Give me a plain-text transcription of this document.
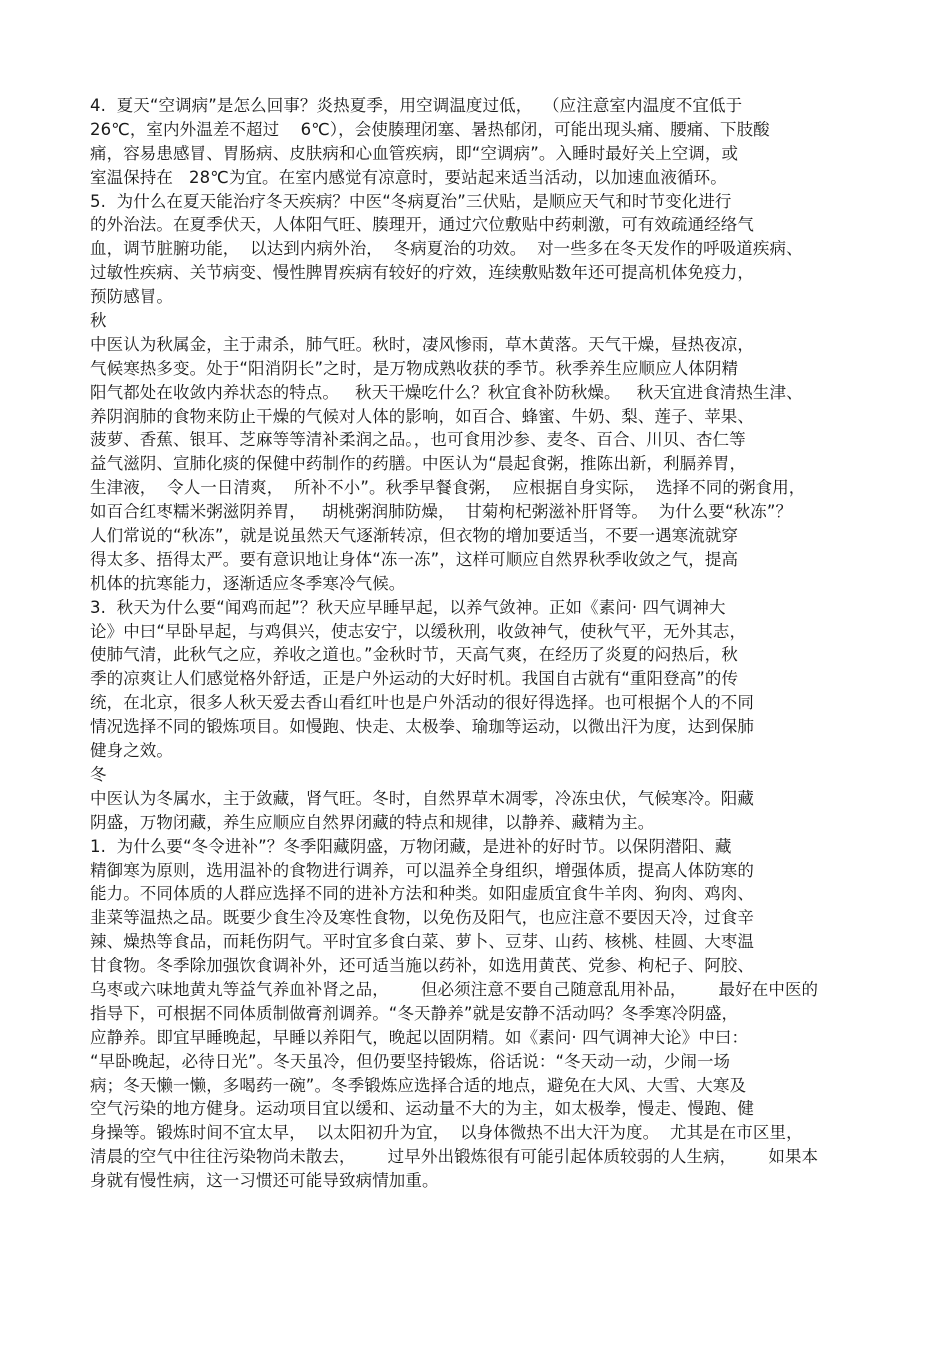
4.  夏天“空调病”是怎么回事？炎热夏季，用空调温度过低，  （应注意室内温度不宜低于
26℃，室内外温差不超过    6℃），会使腠理闭塞、暑热郁闭，可能出现头痛、腰痛、下肢酸
痛，容易患感冒、胃肠病、皮肤病和心血管疾病，即“空调病”。入睡时最好关上空调，或
室温保持在   28℃为宜。在室内感觉有凉意时，要站起来适当活动，以加速血液循环。
5.  为什么在夏天能治疗冬天疾病？中医“冬病夏治”三伏贴，是顺应天气和时节变化进行
的外治法。在夏季伏天，人体阳气旺、腠理开，通过穴位敷贴中药刺激，可有效疏通经络气
血，调节脏腑功能，  以达到内病外治，  冬病夏治的功效。  对一些多在冬天发作的呼吸道疾病、
过敏性疾病、关节病变、慢性脾胃疾病有较好的疗效，连续敷贴数年还可提高机体免疫力，
预防感冒。
秋
中医认为秋属金，主于肃杀，肺气旺。秋时，凄风惨雨，草木黄落。天气干燥，昼热夜凉，
气候寒热多变。处于“阳消阴长”之时，是万物成熟收获的季节。秋季养生应顺应人体阴精
阳气都处在收敛内养状态的特点。   秋天干燥吃什么？秋宜食补防秋燥。   秋天宜进食清热生津、
养阴润肺的食物来防止干燥的气候对人体的影响，如百合、蜂蜜、牛奶、梨、莲子、苹果、
菠萝、香蕉、银耳、芝麻等等清补柔润之品。，也可食用沙参、麦冬、百合、川贝、杏仁等
益气滋阴、宣肺化痰的保健中药制作的药膳。中医认为“晨起食粥，推陈出新，利膈养胃，
生津液，  令人一日清爽，  所补不小”。秋季早餐食粥，  应根据自身实际，  选择不同的粥食用，
如百合红枣糯米粥滋阴养胃，   胡桃粥润肺防燥，  甘菊枸杞粥滋补肝肾等。  为什么要“秋冻”？
人们常说的“秋冻”，就是说虽然天气逐渐转凉，但衣物的增加要适当，不要一遇寒流就穿
得太多、捂得太严。要有意识地让身体“冻一冻”，这样可顺应自然界秋季收敛之气，提高
机体的抗寒能力，逐渐适应冬季寒冷气候。
3.  秋天为什么要“闻鸡而起”？秋天应早睡早起，以养气敛神。正如《素问· 四气调神大
论》中曰“早卧早起，与鸡俱兴，使志安宁，以缓秋刑，收敛神气，使秋气平，无外其志，
使肺气清，此秋气之应，养收之道也。”金秋时节，天高气爽，在经历了炎夏的闷热后，秋
季的凉爽让人们感觉格外舒适，正是户外运动的大好时机。我国自古就有“重阳登高”的传
统，在北京，很多人秋天爱去香山看红叶也是户外活动的很好得选择。也可根据个人的不同
情况选择不同的锻炼项目。如慢跑、快走、太极拳、瑜珈等运动，以微出汗为度，达到保肺
健身之效。
冬
中医认为冬属水，主于敛藏，肾气旺。冬时，自然界草木凋零，冷冻虫伏，气候寒冷。阳藏
阴盛，万物闭藏，养生应顺应自然界闭藏的特点和规律，以静养、藏精为主。
1.  为什么要“冬令进补”？冬季阳藏阴盛，万物闭藏，是进补的好时节。以保阴潜阳、藏
精御寒为原则，选用温补的食物进行调养，可以温养全身组织，增强体质，提高人体防寒的
能力。不同体质的人群应选择不同的进补方法和种类。如阳虚质宜食牛羊肉、狗肉、鸡肉、
韭菜等温热之品。既要少食生冷及寒性食物，以免伤及阳气，也应注意不要因天冷，过食辛
辣、燥热等食品，而耗伤阴气。平时宜多食白菜、萝卜、豆芽、山药、核桃、桂圆、大枣温
甘食物。冬季除加强饮食调补外，还可适当施以药补，如选用黄芪、党参、枸杞子、阿胶、
乌枣或六味地黄丸等益气养血补肾之品，      但必须注意不要自己随意乱用补品，      最好在中医的
指导下，可根据不同体质制做膏剂调养。“冬天静养”就是安静不活动吗？冬季寒冷阴盛，
应静养。即宜早睡晚起，早睡以养阳气，晚起以固阴精。如《素问· 四气调神大论》中曰：
“早卧晚起，必待日光”。冬天虽冷，但仍要坚持锻炼，俗话说：“冬天动一动，少闹一场
病；冬天懒一懒，多喝药一碗”。冬季锻炼应选择合适的地点，避免在大风、大雪、大寒及
空气污染的地方健身。运动项目宜以缓和、运动量不大的为主，如太极拳，慢走、慢跑、健
身操等。锻炼时间不宜太早，  以太阳初升为宜，  以身体微热不出大汗为度。  尤其是在市区里，
清晨的空气中往往污染物尚未散去，      过早外出锻炼很有可能引起体质较弱的人生病，      如果本
身就有慢性病，这一习惯还可能导致病情加重。
